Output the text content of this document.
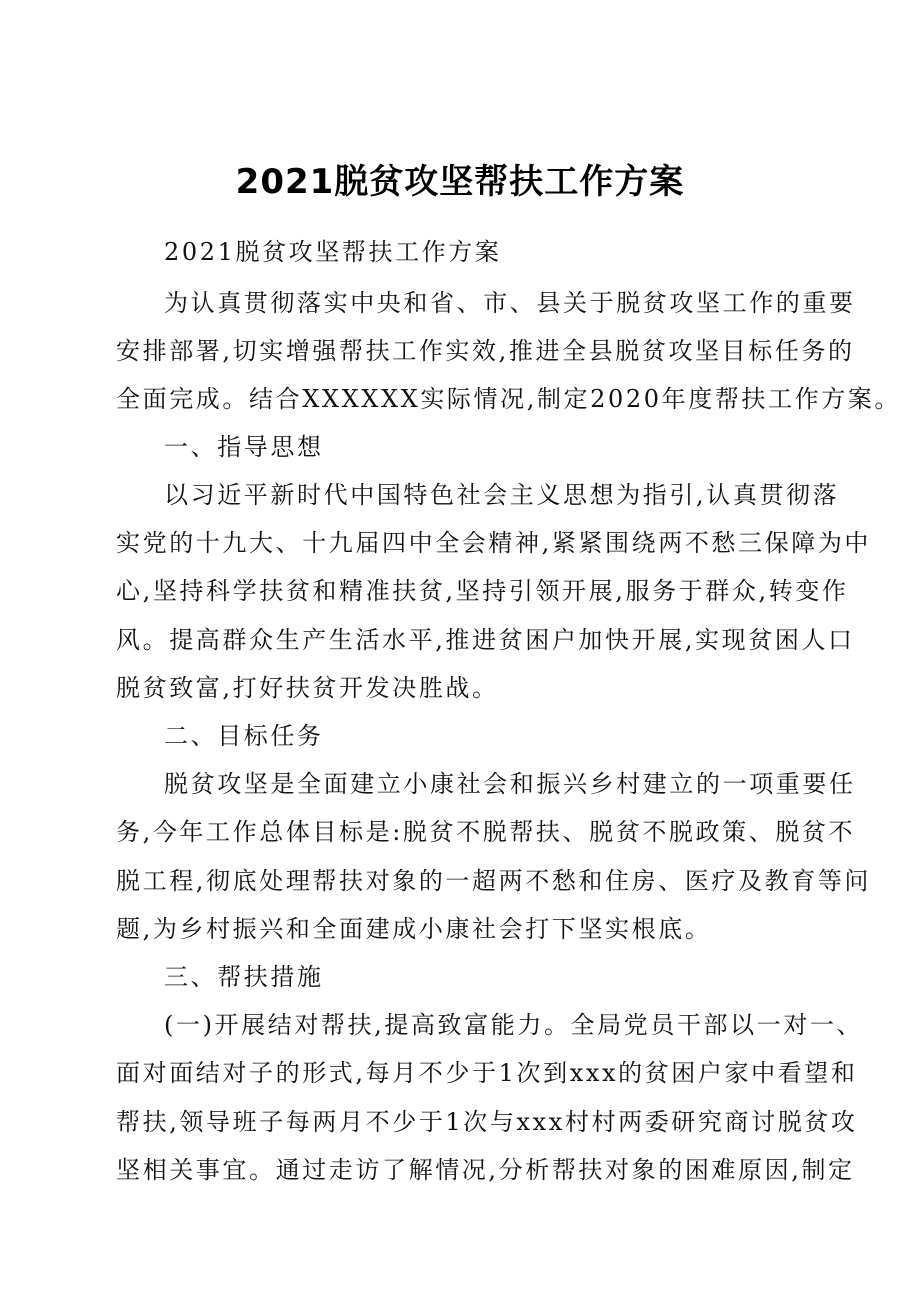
2021脱贫攻坚帮扶工作方案
2021脱贫攻坚帮扶工作方案
为认真贯彻落实中央和省、市、县关于脱贫攻坚工作的重要
安排部署,切实增强帮扶工作实效,推进全县脱贫攻坚目标任务的
全面完成。结合XXXXXX实际情况,制定2020年度帮扶工作方案。
一、指导思想
以习近平新时代中国特色社会主义思想为指引,认真贯彻落
实党的十九大、十九届四中全会精神,紧紧围绕两不愁三保障为中
心,坚持科学扶贫和精准扶贫,坚持引领开展,服务于群众,转变作
风。提高群众生产生活水平,推进贫困户加快开展,实现贫困人口
脱贫致富,打好扶贫开发决胜战。
二、目标任务
脱贫攻坚是全面建立小康社会和振兴乡村建立的一项重要任
务,今年工作总体目标是:脱贫不脱帮扶、脱贫不脱政策、脱贫不
脱工程,彻底处理帮扶对象的一超两不愁和住房、医疗及教育等问
题,为乡村振兴和全面建成小康社会打下坚实根底。
三、帮扶措施
(一)开展结对帮扶,提高致富能力。全局党员干部以一对一、
面对面结对子的形式,每月不少于1次到xxx的贫困户家中看望和
帮扶,领导班子每两月不少于1次与xxx村村两委研究商讨脱贫攻
坚相关事宜。通过走访了解情况,分析帮扶对象的困难原因,制定
